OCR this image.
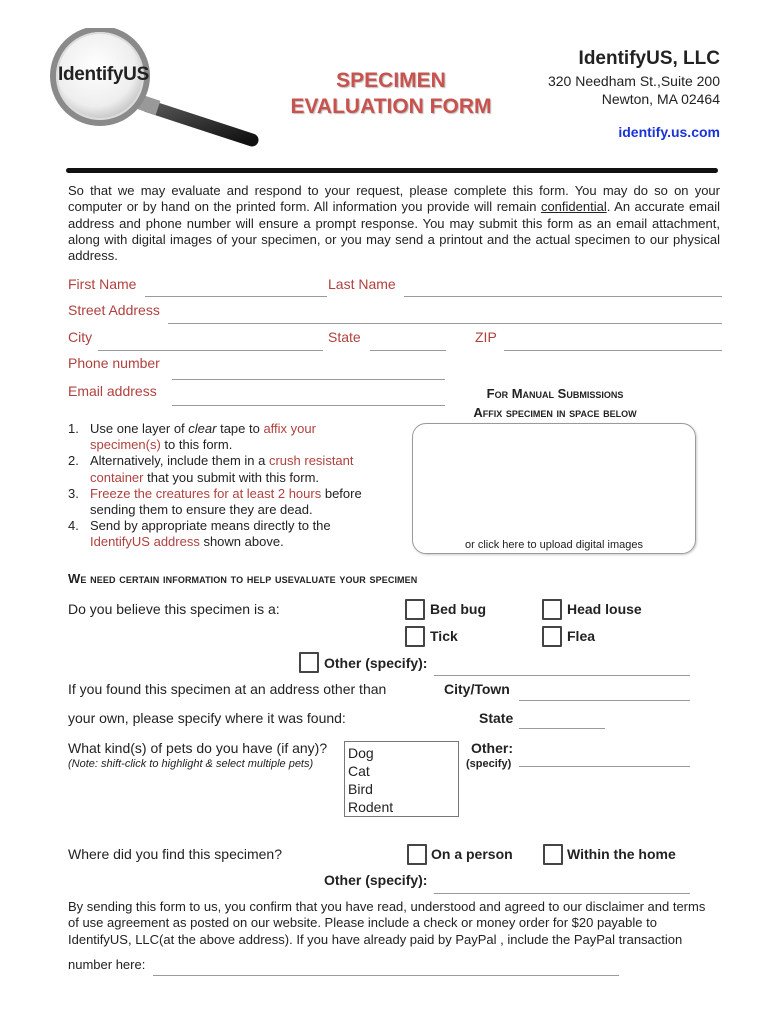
IdentifyUS	SPECIMEN
EVALUATION FORM
IdentifyUS, LLC
320 Needham St.,Suite 200
Newton, MA 02464
identify.us.com
So that we may evaluate and respond to your request, please complete this form. You may do so on your computer or by hand on the printed form. All information you provide will remain confidential. An accurate email address and phone number will ensure a prompt response. You may submit this form as an email attachment, along with digital images of your specimen, or you may send a printout and the actual specimen to our physical address.
First Name	Last Name
Street Address
City	State	ZIP
Phone number
Email address	For Manual Submissions
Affix specimen in space below
or click here to upload digital images
1. Use one layer of clear tape to affix your specimen(s) to this form.
2. Alternatively, include them in a crush resistant container that you submit with this form.
3. Freeze the creatures for at least 2 hours before sending them to ensure they are dead.
4. Send by appropriate means directly to the IdentifyUS address shown above.
We need certain information to help usevaluate your specimen
Do you believe this specimen is a:	Bed bug	Head louse
Tick	Flea
Other (specify):
If you found this specimen at an address other than	City/Town
your own, please specify where it was found:	State
What kind(s) of pets do you have (if any)?
(Note: shift-click to highlight & select multiple pets)
Dog
Cat
Bird
Rodent
Other:
(specify)
Where did you find this specimen?	On a person	Within the home
Other (specify):
By sending this form to us, you confirm that you have read, understood and agreed to our disclaimer and terms of use agreement as posted on our website. Please include a check or money order for $20 payable to IdentifyUS, LLC(at the above address). If you have already paid by PayPal , include the PayPal transaction
number here:
